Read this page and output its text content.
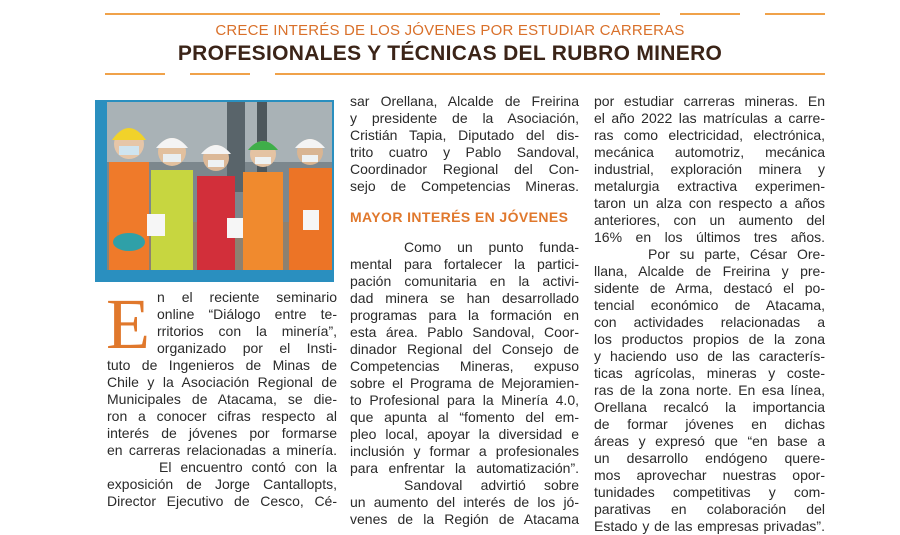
CRECE INTERÉS DE LOS JÓVENES POR ESTUDIAR CARRERAS
PROFESIONALES Y TÉCNICAS DEL RUBRO MINERO
E n el reciente seminario

online “Diálogo entre te-

rritorios con la minería”,

organizado por el Insti-

tuto de Ingenieros de Minas de

Chile y la Asociación Regional de

Municipales de Atacama, se die-

ron a conocer cifras respecto al

interés de jóvenes por formarse

en carreras relacionadas a minería.

El encuentro contó con la

exposición de Jorge Cantallopts,

Director Ejecutivo de Cesco, Cé-

sar Orellana, Alcalde de Freirina

y presidente de la Asociación,

Cristián Tapia, Diputado del dis-

trito cuatro y Pablo Sandoval,

Coordinador Regional del Con-

sejo de Competencias Mineras.

MAYOR INTERÉS EN JÓVENES

Como un punto funda-

mental para fortalecer la partici-

pación comunitaria en la activi-

dad minera se han desarrollado

programas para la formación en

esta área. Pablo Sandoval, Coor-

dinador Regional del Consejo de

Competencias Mineras, expuso

sobre el Programa de Mejoramien-

to Profesional para la Minería 4.0,

que apunta al “fomento del em-

pleo local, apoyar la diversidad e

inclusión y formar a profesionales

para enfrentar la automatización”.

Sandoval advirtió sobre

un aumento del interés de los jó-

venes de la Región de Atacama

por estudiar carreras mineras. En

el año 2022 las matrículas a carre-

ras como electricidad, electrónica,

mecánica automotriz, mecánica

industrial, exploración minera y

metalurgia extractiva experimen-

taron un alza con respecto a años

anteriores, con un aumento del

16% en los últimos tres años.

Por su parte, César Ore-

llana, Alcalde de Freirina y pre-

sidente de Arma, destacó el po-

tencial económico de Atacama,

con actividades relacionadas a

los productos propios de la zona

y haciendo uso de las caracterís-

ticas agrícolas, mineras y coste-

ras de la zona norte. En esa línea,

Orellana recalcó la importancia

de formar jóvenes en dichas

áreas y expresó que “en base a

un desarrollo endógeno quere-

mos aprovechar nuestras opor-

tunidades competitivas y com-

parativas en colaboración del

Estado y de las empresas privadas”.
